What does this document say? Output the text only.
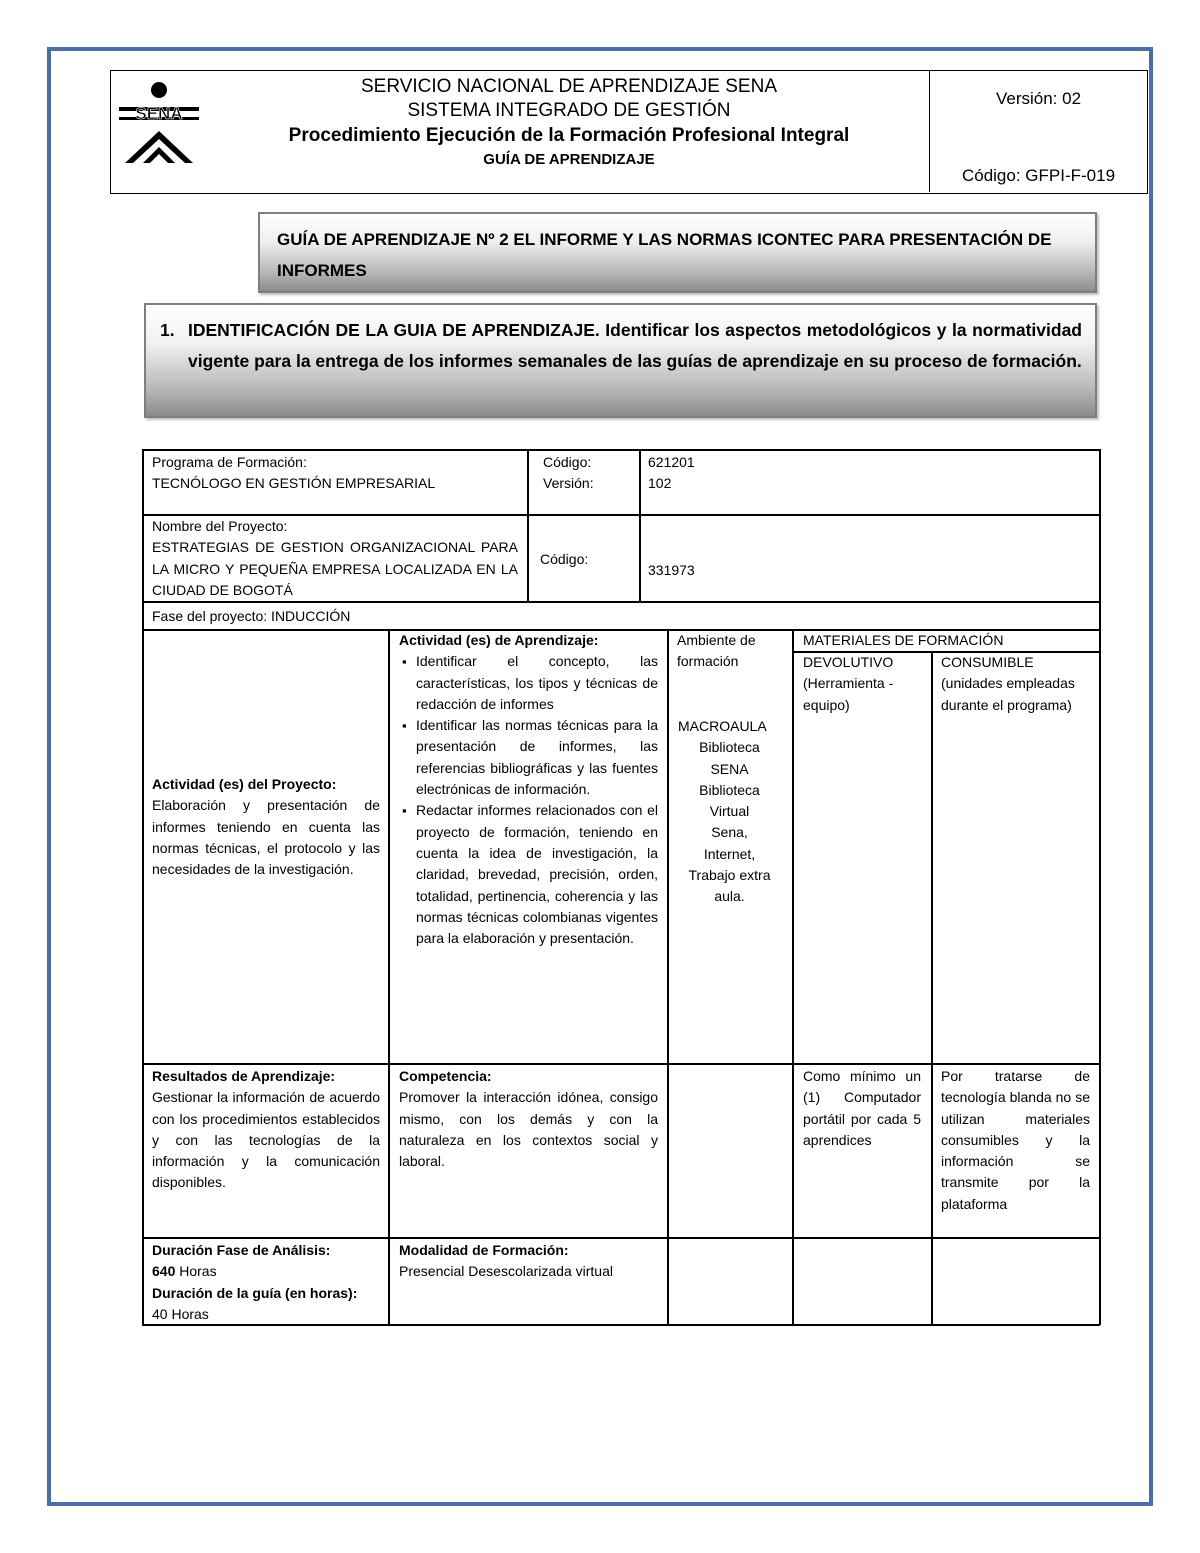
SENA
SERVICIO NACIONAL DE APRENDIZAJE SENA
SISTEMA INTEGRADO DE GESTIÓN
Procedimiento Ejecución de la Formación Profesional Integral
GUÍA DE APRENDIZAJE
Versión: 02
Código: GFPI-F-019
GUÍA DE APRENDIZAJE Nº 2 EL INFORME Y LAS NORMAS ICONTEC PARA PRESENTACIÓN DE INFORMES
1. IDENTIFICACIÓN DE LA GUIA DE APRENDIZAJE. Identificar los aspectos metodológicos y la normatividad vigente para la entrega de los informes semanales de las guías de aprendizaje en su proceso de formación.
Programa de Formación:
TECNÓLOGO EN GESTIÓN EMPRESARIAL
Código:
Versión:
621201
102
Nombre del Proyecto:
ESTRATEGIAS DE GESTION ORGANIZACIONAL PARA LA MICRO Y PEQUEÑA EMPRESA LOCALIZADA EN LA CIUDAD DE BOGOTÁ
Código:
331973
Fase del proyecto: INDUCCIÓN
Actividad (es) del Proyecto:
Elaboración y presentación de informes teniendo en cuenta las normas técnicas, el protocolo y las necesidades de la investigación.
Actividad (es) de Aprendizaje:
▪ Identificar el concepto, las características, los tipos y técnicas de redacción de informes
▪ Identificar las normas técnicas para la presentación de informes, las referencias bibliográficas y las fuentes electrónicas de información.
▪ Redactar informes relacionados con el proyecto de formación, teniendo en cuenta la idea de investigación, la claridad, brevedad, precisión, orden, totalidad, pertinencia, coherencia y las normas técnicas colombianas vigentes para la elaboración y presentación.
Ambiente de formación
MACROAULA
Biblioteca
SENA
Biblioteca
Virtual
Sena,
Internet,
Trabajo extra
aula.
MATERIALES DE FORMACIÓN
DEVOLUTIVO
(Herramienta - equipo)
CONSUMIBLE
(unidades empleadas durante el programa)
Resultados de Aprendizaje:
Gestionar la información de acuerdo con los procedimientos establecidos y con las tecnologías de la información y la comunicación disponibles.
Competencia:
Promover la interacción idónea, consigo mismo, con los demás y con la naturaleza en los contextos social y laboral.
Como mínimo un (1) Computador portátil por cada 5 aprendices
Por tratarse de tecnología blanda no se utilizan materiales consumibles y la información se transmite por la plataforma
Duración Fase de Análisis:
640 Horas
Duración de la guía (en horas):
40 Horas
Modalidad de Formación:
Presencial Desescolarizada virtual
